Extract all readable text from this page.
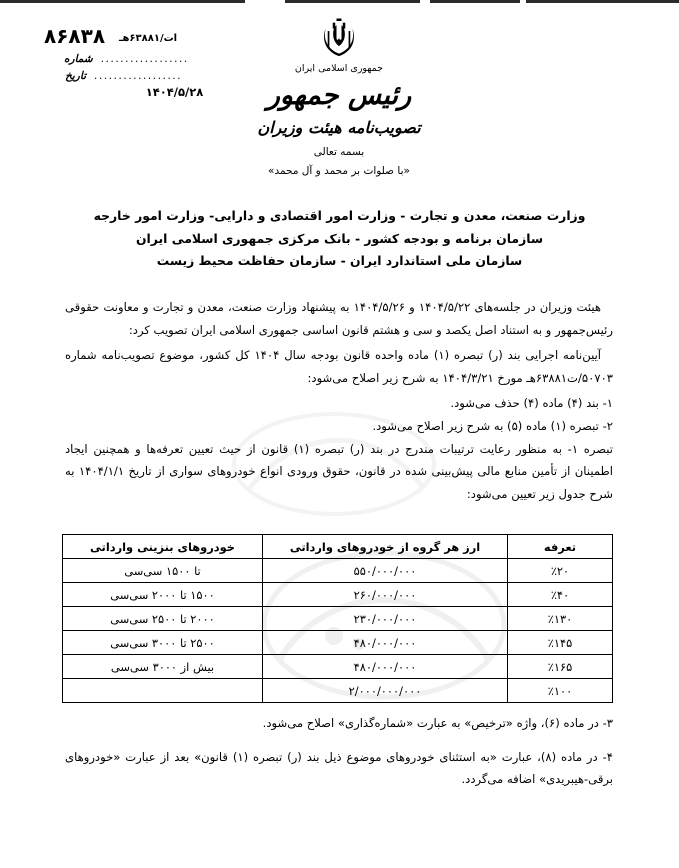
جمهوری اسلامی ایران
رئیس جمهور
تصویب‌نامه هیئت وزیران
بسمه تعالی
«با صلوات بر محمد و آل محمد»
۸۶۸۳۸ ات/۶۳۸۸۱هـ
..................
شماره
..................
تاریخ
۱۴۰۴/۵/۲۸
وزارت صنعت، معدن و تجارت - وزارت امور اقتصادی و دارایی- وزارت امور خارجه
سازمان برنامه و بودجه کشور - بانک مرکزی جمهوری اسلامی ایران
سازمان ملی استاندارد ایران - سازمان حفاظت محیط زیست

هیئت وزیران در جلسه‌های ۱۴۰۴/۵/۲۲ و ۱۴۰۴/۵/۲۶ به پیشنهاد وزارت صنعت، معدن و تجارت و معاونت حقوقی رئیس‌جمهور و به استناد اصل یکصد و سی و هشتم قانون اساسی جمهوری اسلامی ایران تصویب کرد:

آیین‌نامه اجرایی بند (ر) تبصره (۱) ماده واحده قانون بودجه سال ۱۴۰۴ کل کشور، موضوع تصویب‌نامه شماره ۵۰۷۰۳/ت۶۳۸۸۱هـ مورخ ۱۴۰۴/۳/۲۱ به شرح زیر اصلاح می‌شود:

۱- بند (۴) ماده (۴) حذف می‌شود.

۲- تبصره (۱) ماده (۵) به شرح زیر اصلاح می‌شود.

تبصره ۱- به منظور رعایت ترتیبات مندرج در بند (ر) تبصره (۱) قانون از حیث تعیین تعرفه‌ها و همچنین ایجاد اطمینان از تأمین منابع مالی پیش‌بینی شده در قانون، حقوق ورودی انواع خودروهای سواری از تاریخ ۱۴۰۴/۱/۱ به شرح جدول زیر تعیین می‌شود:

تعرفه	ارز هر گروه از خودروهای وارداتی	خودروهای بنزینی وارداتی
٪۲۰	۵۵۰/۰۰۰/۰۰۰	تا ۱۵۰۰ سی‌سی
٪۴۰	۲۶۰/۰۰۰/۰۰۰	۱۵۰۰ تا ۲۰۰۰ سی‌سی
٪۱۳۰	۲۳۰/۰۰۰/۰۰۰	۲۰۰۰ تا ۲۵۰۰ سی‌سی
٪۱۴۵	۴۸۰/۰۰۰/۰۰۰	۲۵۰۰ تا ۳۰۰۰ سی‌سی
٪۱۶۵	۴۸۰/۰۰۰/۰۰۰	بیش از ۳۰۰۰ سی‌سی
٪۱۰۰	۲/۰۰۰/۰۰۰/۰۰۰	

۳- در ماده (۶)، واژه «ترخیص» به عبارت «شماره‌گذاری» اصلاح می‌شود.

۴- در ماده (۸)، عبارت «به استثنای خودروهای موضوع ذیل بند (ر) تبصره (۱) قانون» بعد از عبارت «خودروهای برقی-هیبریدی» اضافه می‌گردد.
